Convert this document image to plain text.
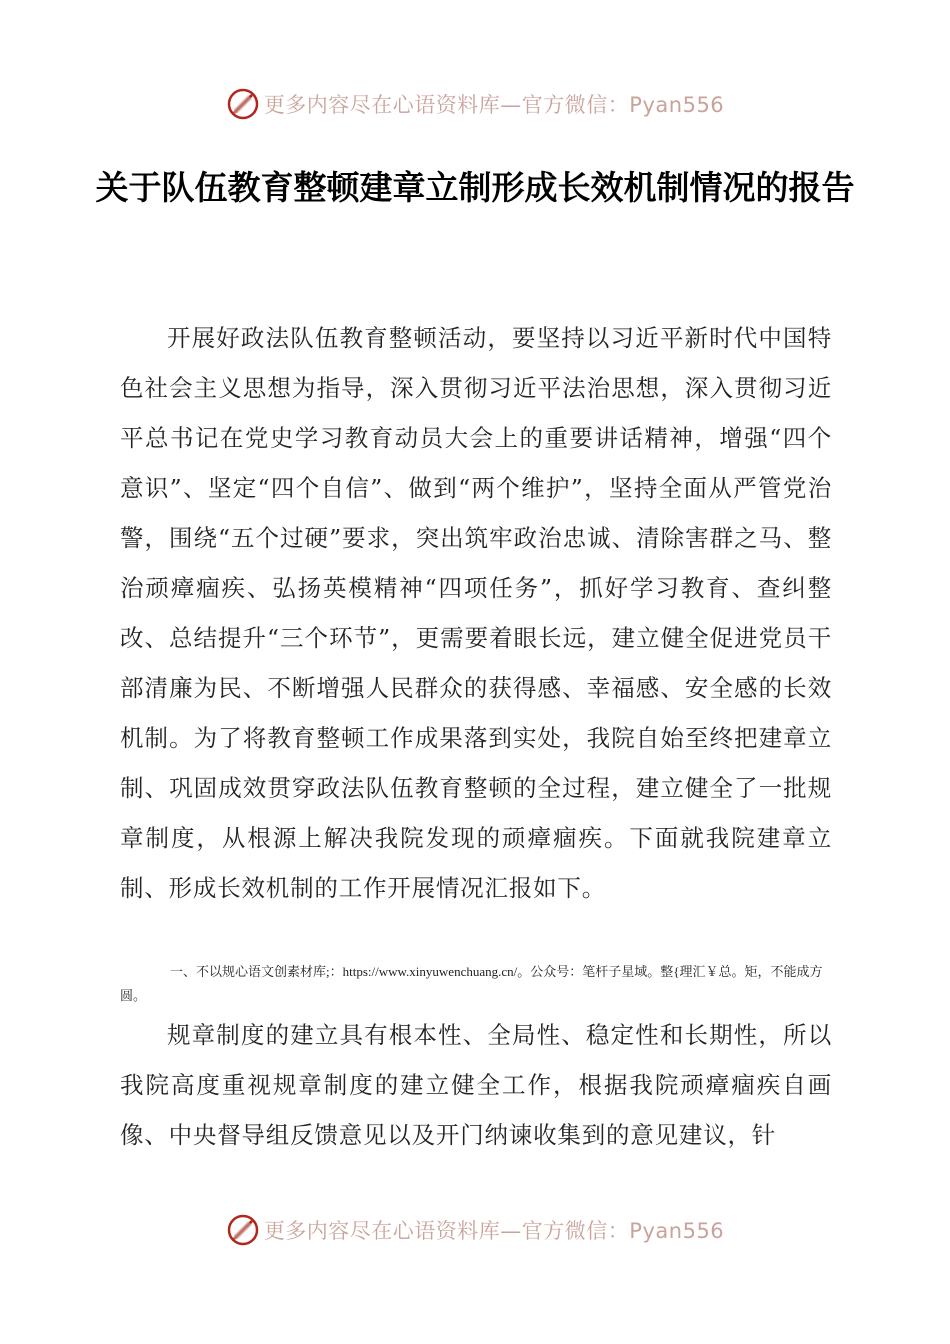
更多内容尽在心语资料库—官方微信：Pyan556
关于队伍教育整顿建章立制形成长效机制情况的报告
开展好政法队伍教育整顿活动，要坚持以习近平新时代中国特色社会主义思想为指导，深入贯彻习近平法治思想，深入贯彻习近平总书记在党史学习教育动员大会上的重要讲话精神，增强“四个意识”、坚定“四个自信”、做到“两个维护”，坚持全面从严管党治警，围绕“五个过硬”要求，突出筑牢政治忠诚、清除害群之马、整治顽瘴痼疾、弘扬英模精神“四项任务”，抓好学习教育、查纠整改、总结提升“三个环节”，更需要着眼长远，建立健全促进党员干部清廉为民、不断增强人民群众的获得感、幸福感、安全感的长效机制。为了将教育整顿工作成果落到实处，我院自始至终把建章立制、巩固成效贯穿政法队伍教育整顿的全过程，建立健全了一批规章制度，从根源上解决我院发现的顽瘴痼疾。下面就我院建章立制、形成长效机制的工作开展情况汇报如下。
一、不以规心语文创素材库;：https://www.xinyuwenchuang.cn/。公众号：笔杆子星域。整{理汇￥总。矩，不能成方圆。
规章制度的建立具有根本性、全局性、稳定性和长期性，所以我院高度重视规章制度的建立健全工作，根据我院顽瘴痼疾自画像、中央督导组反馈意见以及开门纳谏收集到的意见建议，针
更多内容尽在心语资料库—官方微信：Pyan556
